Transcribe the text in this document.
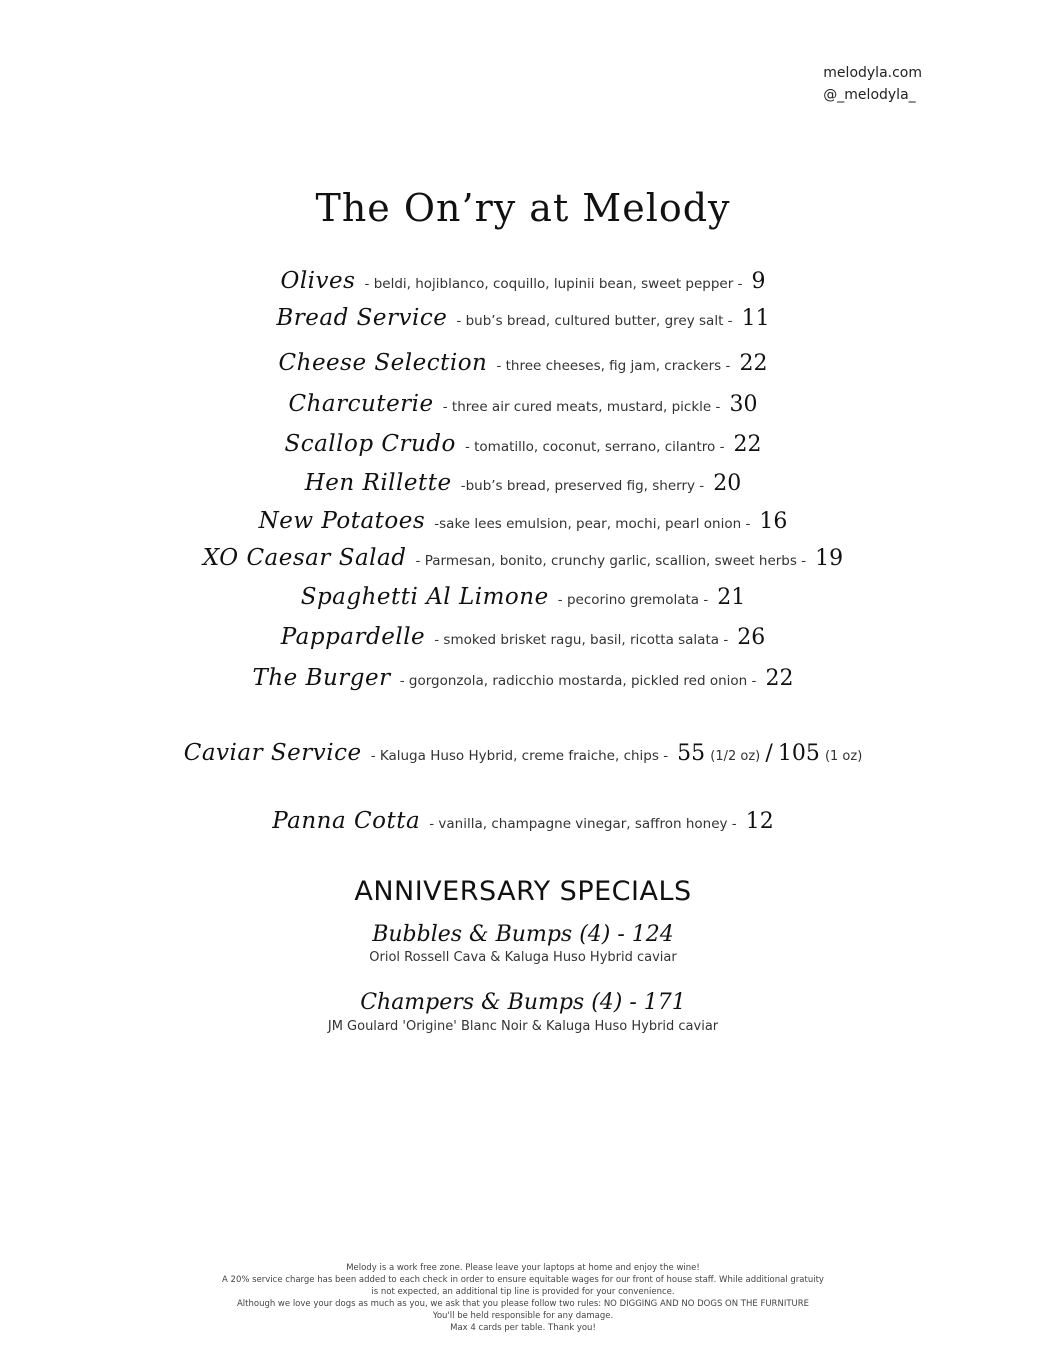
melodyla.com
@_melodyla_
The On’ry at Melody
Olives - beldi, hojiblanco, coquillo, lupinii bean, sweet pepper - 9
Bread Service - bub’s bread, cultured butter, grey salt - 11
Cheese Selection - three cheeses, fig jam, crackers - 22
Charcuterie - three air cured meats, mustard, pickle - 30
Scallop Crudo - tomatillo, coconut, serrano, cilantro - 22
Hen Rillette -bub’s bread, preserved fig, sherry - 20
New Potatoes -sake lees emulsion, pear, mochi, pearl onion - 16
XO Caesar Salad - Parmesan, bonito, crunchy garlic, scallion, sweet herbs - 19
Spaghetti Al Limone - pecorino gremolata - 21
Pappardelle - smoked brisket ragu, basil, ricotta salata - 26
The Burger - gorgonzola, radicchio mostarda, pickled red onion - 22
Caviar Service - Kaluga Huso Hybrid, creme fraiche, chips - 55 (1/2 oz) / 105 (1 oz)
Panna Cotta - vanilla, champagne vinegar, saffron honey - 12
ANNIVERSARY SPECIALS
Bubbles & Bumps (4) - 124
Oriol Rossell Cava & Kaluga Huso Hybrid caviar
Champers & Bumps (4) - 171
JM Goulard 'Origine' Blanc Noir & Kaluga Huso Hybrid caviar
Melody is a work free zone. Please leave your laptops at home and enjoy the wine!
A 20% service charge has been added to each check in order to ensure equitable wages for our front of house staff. While additional gratuity
is not expected, an additional tip line is provided for your convenience.
Although we love your dogs as much as you, we ask that you please follow two rules: NO DIGGING AND NO DOGS ON THE FURNITURE
You'll be held responsible for any damage.
Max 4 cards per table. Thank you!
